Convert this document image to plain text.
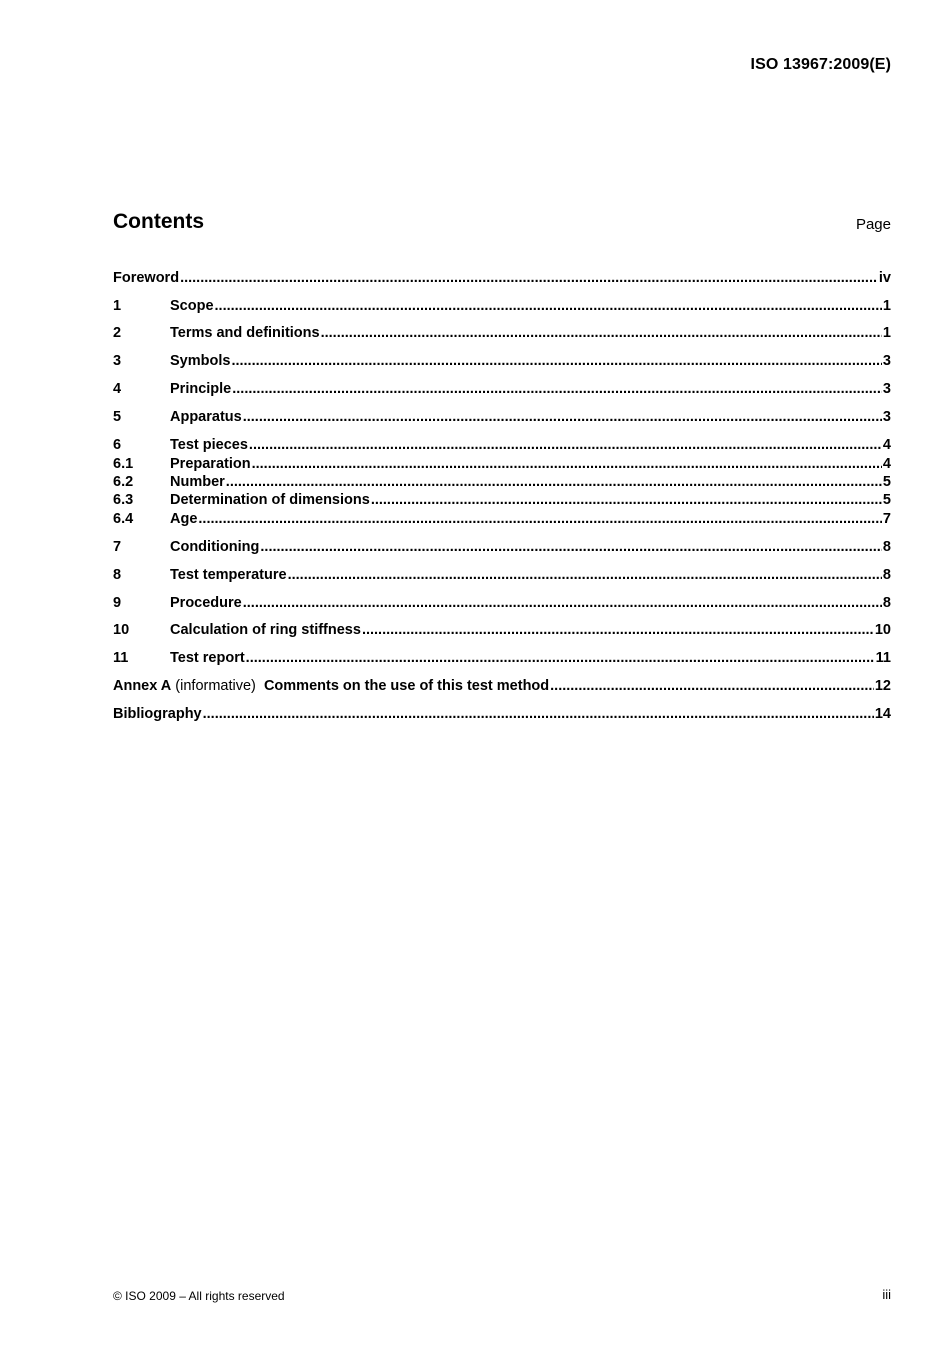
ISO 13967:2009(E)
Contents	Page
Foreword .....	iv
1	Scope .....	1
2	Terms and definitions .....	1
3	Symbols .....	3
4	Principle .....	3
5	Apparatus .....	3
6	Test pieces .....	4
6.1	Preparation .....	4
6.2	Number .....	5
6.3	Determination of dimensions .....	5
6.4	Age .....	7
7	Conditioning .....	8
8	Test temperature .....	8
9	Procedure .....	8
10	Calculation of ring stiffness .....	10
11	Test report .....	11
Annex A (informative)  Comments on the use of this test method .....	12
Bibliography .....	14
© ISO 2009 – All rights reserved	iii
